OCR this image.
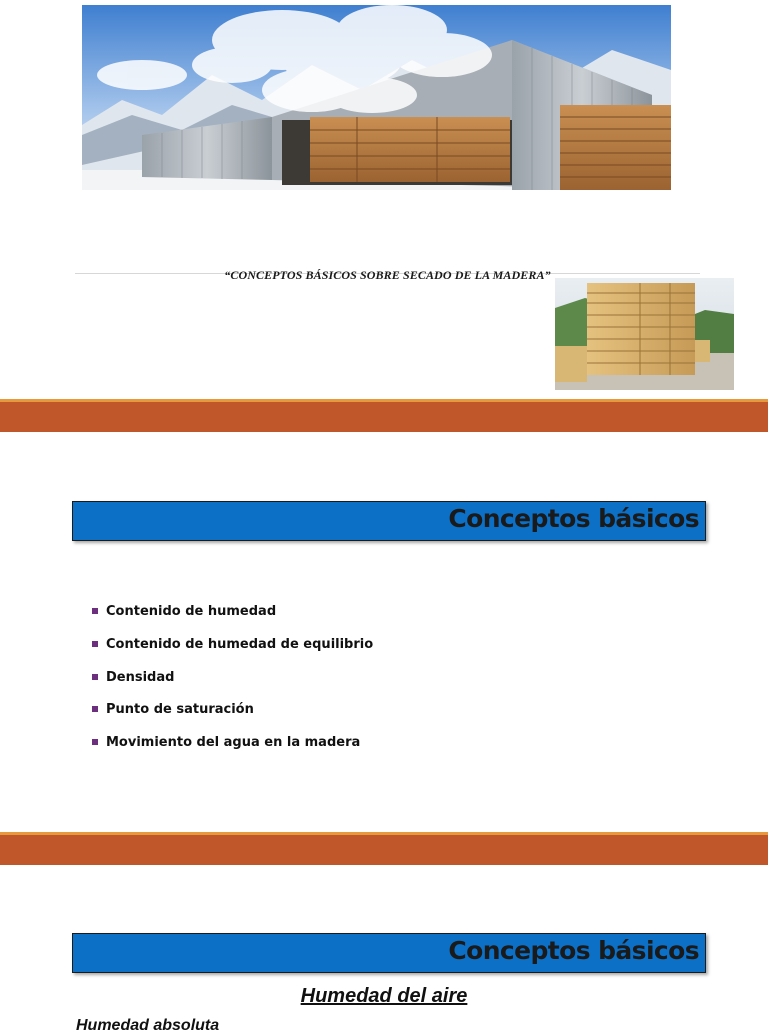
“CONCEPTOS BÁSICOS SOBRE SECADO DE LA MADERA”
Conceptos básicos
Contenido de humedad
Contenido de humedad de equilibrio
Densidad
Punto de saturación
Movimiento del agua en la madera
Conceptos básicos
Humedad del aire
Humedad absoluta
